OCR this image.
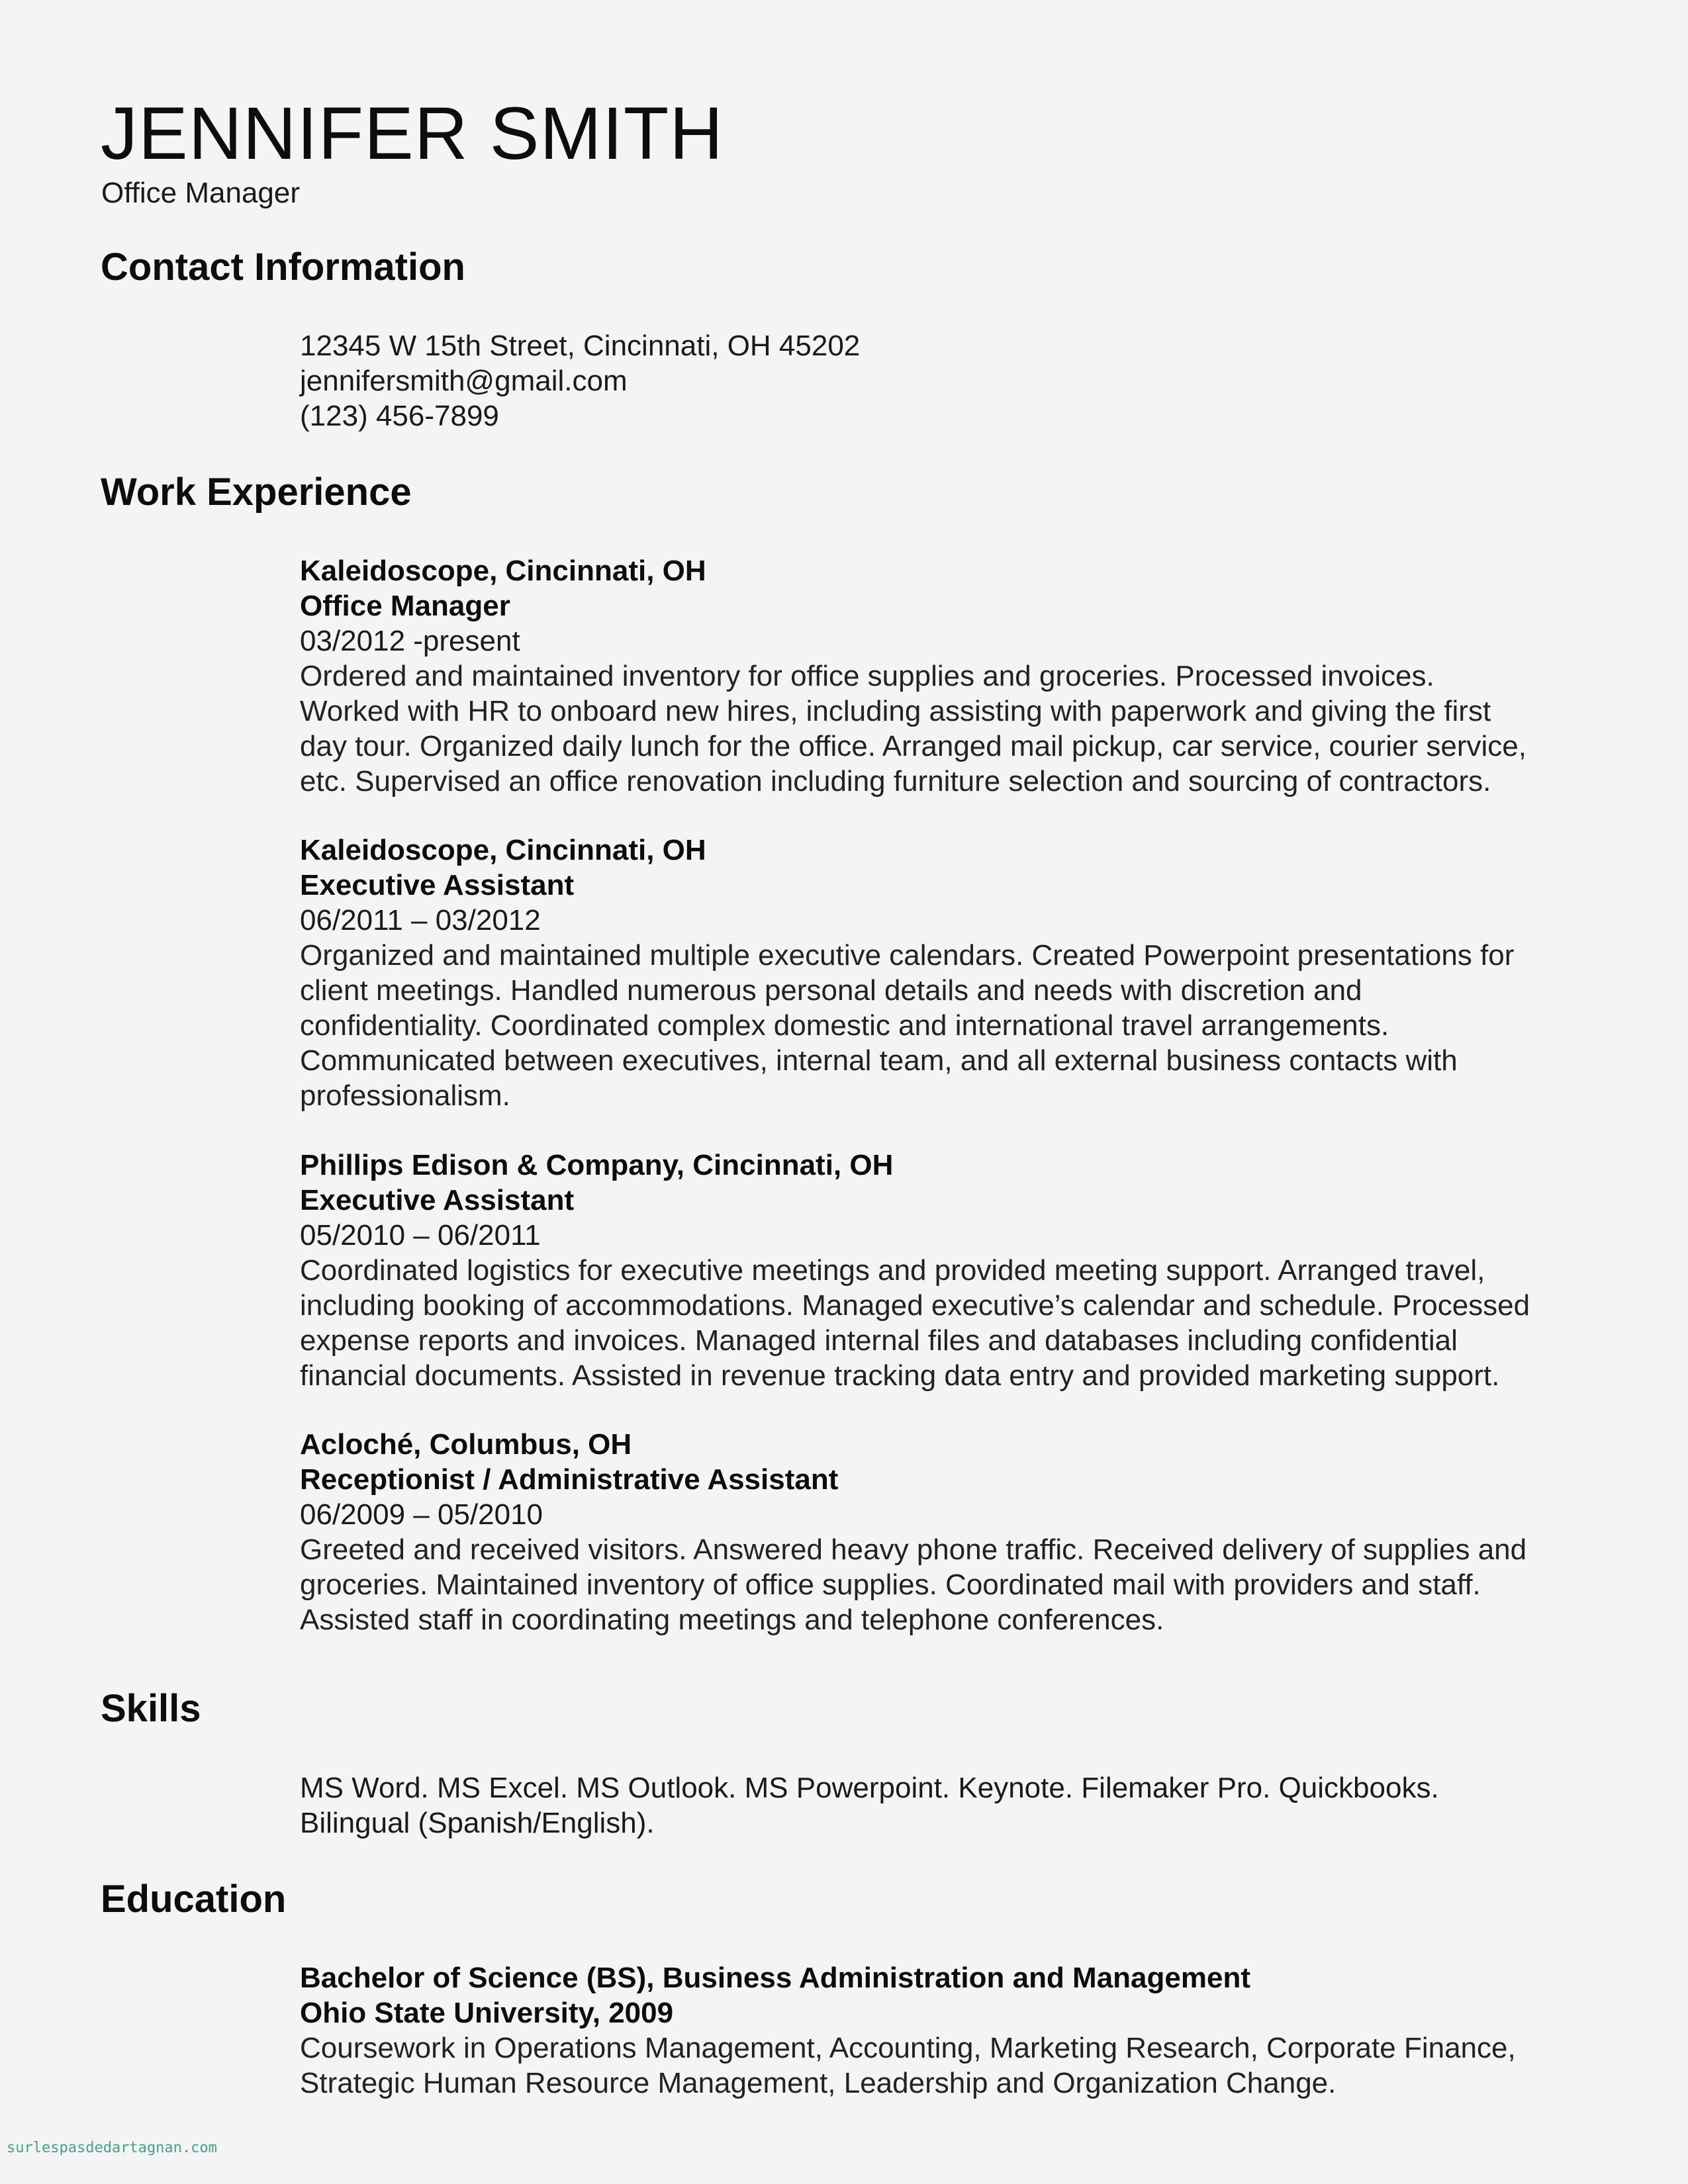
JENNIFER SMITH
Office Manager
Contact Information
12345 W 15th Street, Cincinnati, OH 45202
jennifersmith@gmail.com
(123) 456-7899
Work Experience
Kaleidoscope, Cincinnati, OH
Office Manager
03/2012 -present
Ordered and maintained inventory for office supplies and groceries. Processed invoices.
Worked with HR to onboard new hires, including assisting with paperwork and giving the first
day tour. Organized daily lunch for the office. Arranged mail pickup, car service, courier service,
etc. Supervised an office renovation including furniture selection and sourcing of contractors.
Kaleidoscope, Cincinnati, OH
Executive Assistant
06/2011 – 03/2012
Organized and maintained multiple executive calendars. Created Powerpoint presentations for
client meetings. Handled numerous personal details and needs with discretion and
confidentiality. Coordinated complex domestic and international travel arrangements.
Communicated between executives, internal team, and all external business contacts with
professionalism.
Phillips Edison & Company, Cincinnati, OH
Executive Assistant
05/2010 – 06/2011
Coordinated logistics for executive meetings and provided meeting support. Arranged travel,
including booking of accommodations. Managed executive’s calendar and schedule. Processed
expense reports and invoices. Managed internal files and databases including confidential
financial documents. Assisted in revenue tracking data entry and provided marketing support.
Acloché, Columbus, OH
Receptionist / Administrative Assistant
06/2009 – 05/2010
Greeted and received visitors. Answered heavy phone traffic. Received delivery of supplies and
groceries. Maintained inventory of office supplies. Coordinated mail with providers and staff.
Assisted staff in coordinating meetings and telephone conferences.
Skills
MS Word. MS Excel. MS Outlook. MS Powerpoint. Keynote. Filemaker Pro. Quickbooks.
Bilingual (Spanish/English).
Education
Bachelor of Science (BS), Business Administration and Management
Ohio State University, 2009
Coursework in Operations Management, Accounting, Marketing Research, Corporate Finance,
Strategic Human Resource Management, Leadership and Organization Change.
surlespasdedartagnan.com
